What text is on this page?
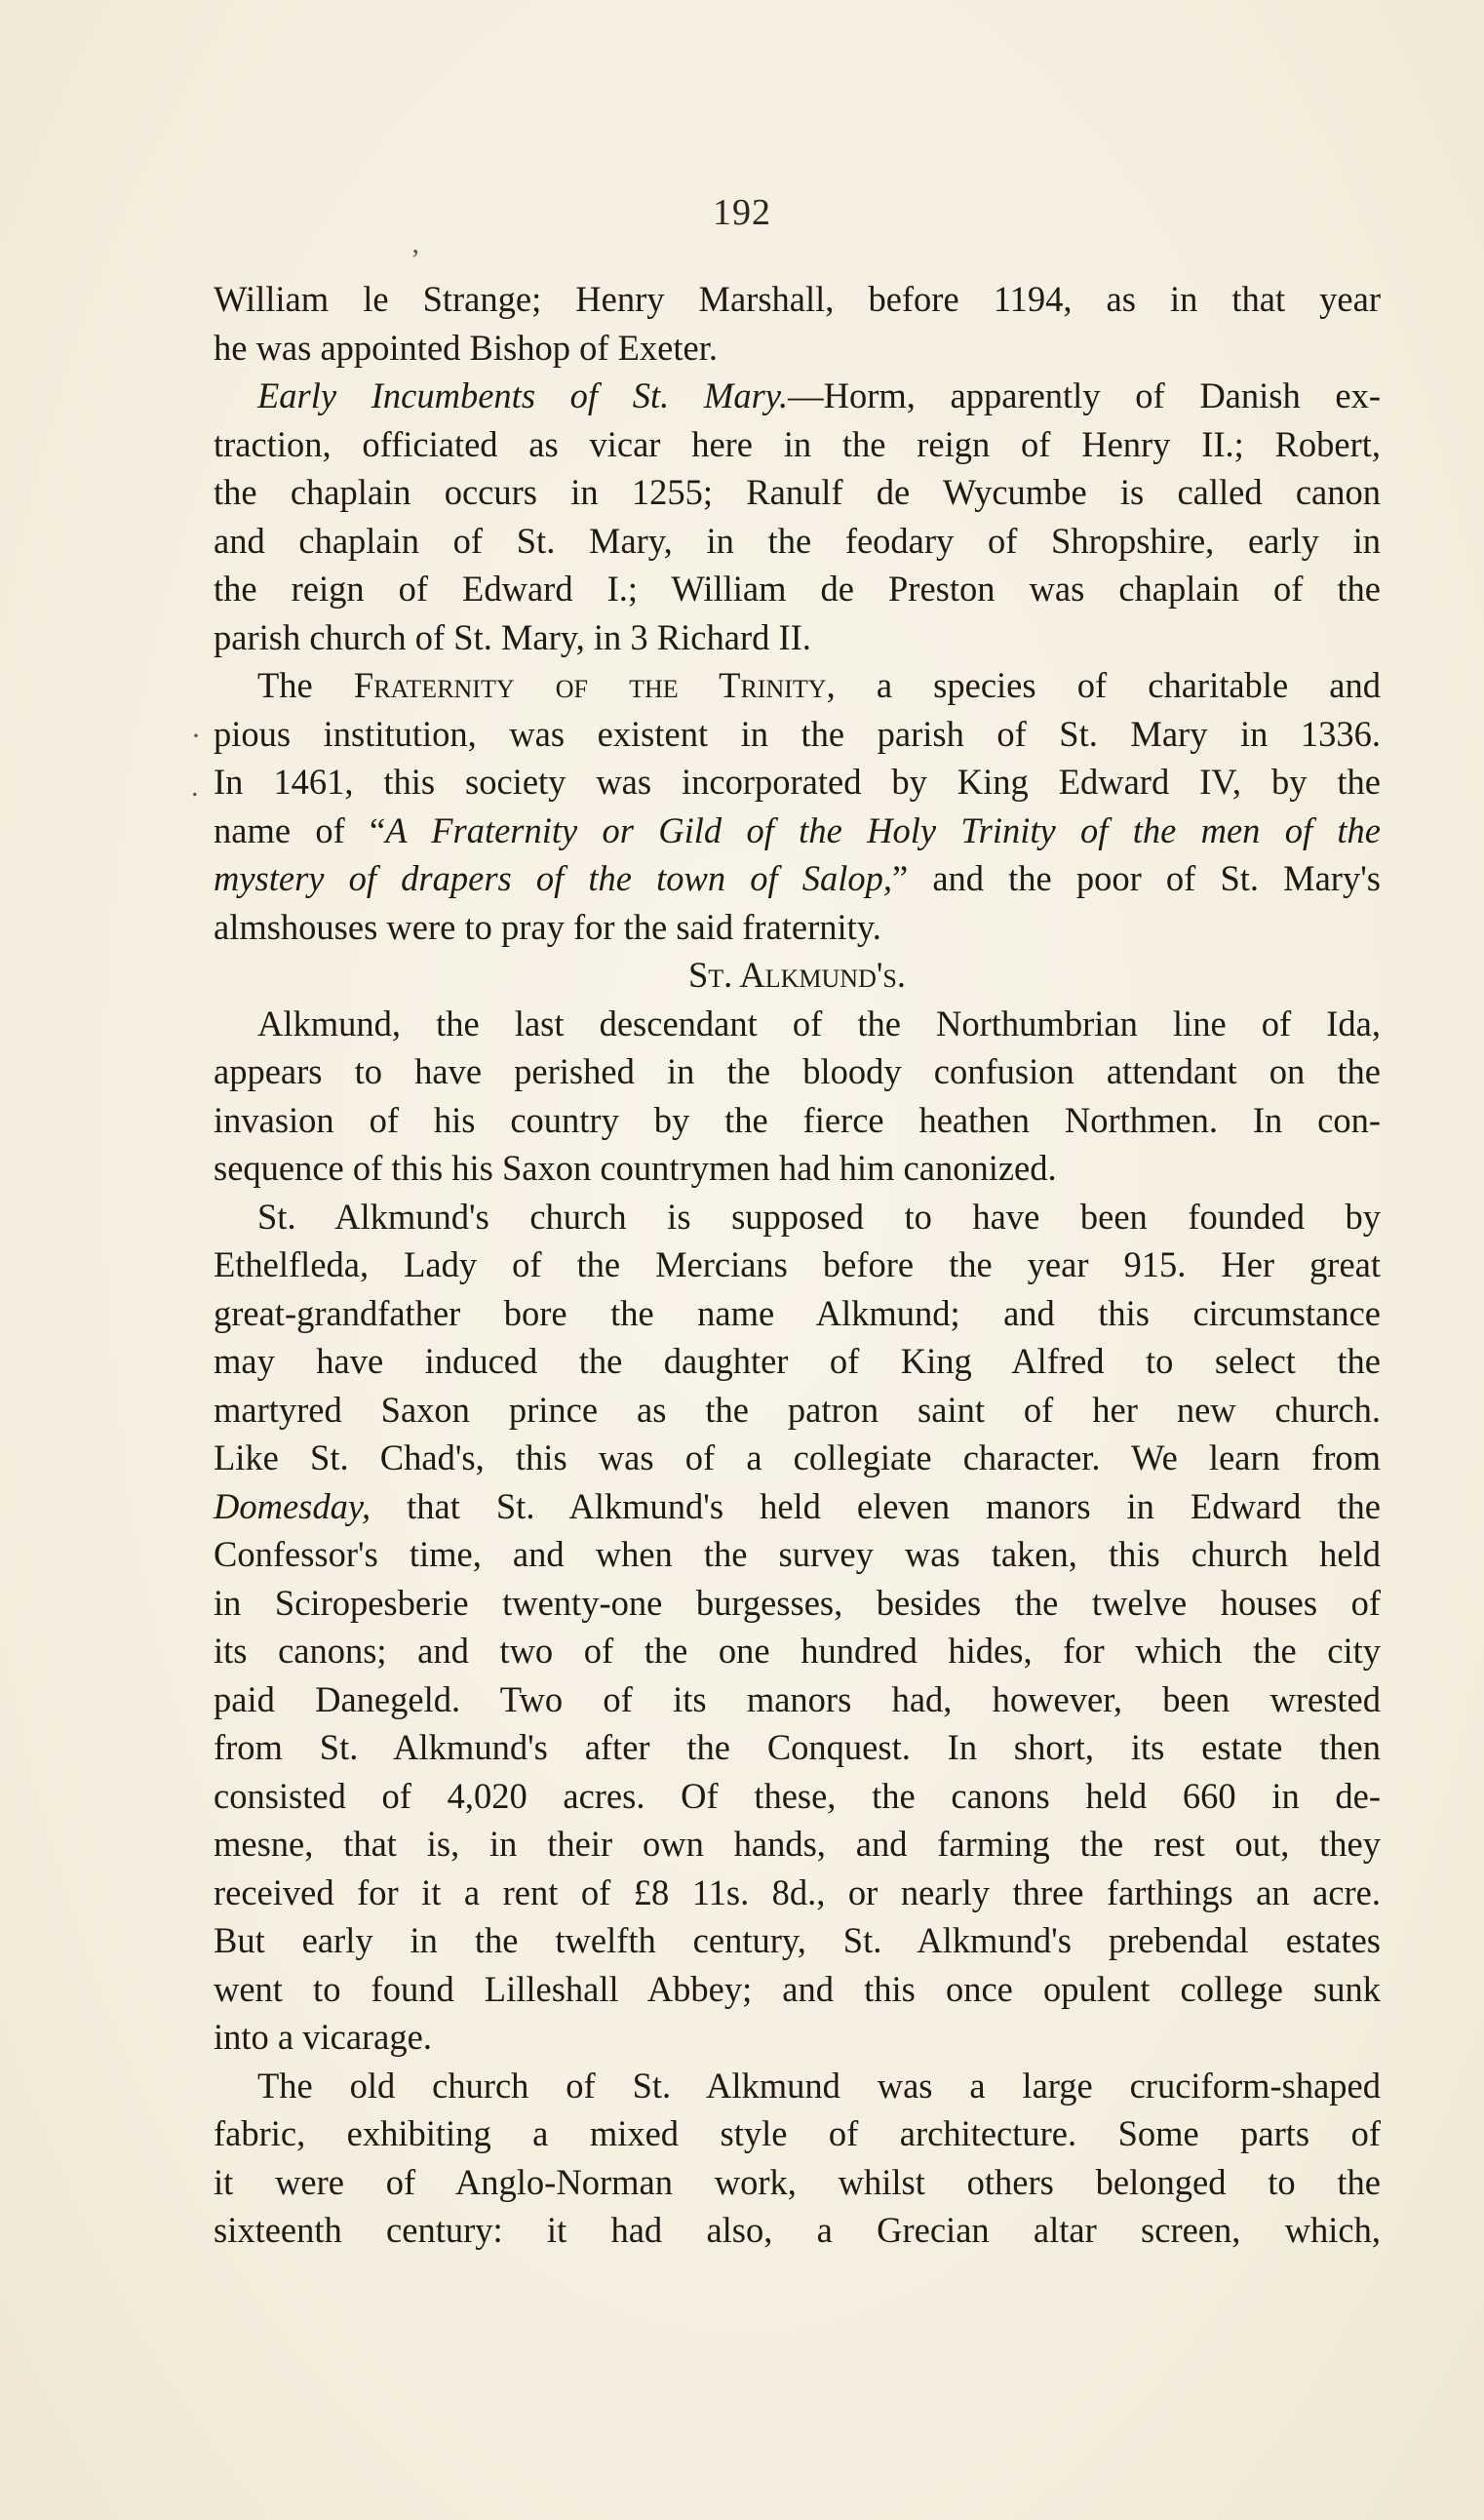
192
William le Strange; Henry Marshall, before 1194, as in that year
he was appointed Bishop of Exeter.
Early Incumbents of St. Mary.—Horm, apparently of Danish ex-
traction, officiated as vicar here in the reign of Henry II.; Robert,
the chaplain occurs in 1255; Ranulf de Wycumbe is called canon
and chaplain of St. Mary, in the feodary of Shropshire, early in
the reign of Edward I.; William de Preston was chaplain of the
parish church of St. Mary, in 3 Richard II.
The Fraternity of the Trinity, a species of charitable and
pious institution, was existent in the parish of St. Mary in 1336.
In 1461, this society was incorporated by King Edward IV, by the
name of “A Fraternity or Gild of the Holy Trinity of the men of the
mystery of drapers of the town of Salop,” and the poor of St. Mary's
almshouses were to pray for the said fraternity.
St. Alkmund's.
Alkmund, the last descendant of the Northumbrian line of Ida,
appears to have perished in the bloody confusion attendant on the
invasion of his country by the fierce heathen Northmen. In con-
sequence of this his Saxon countrymen had him canonized.
St. Alkmund's church is supposed to have been founded by
Ethelfleda, Lady of the Mercians before the year 915. Her great
great-grandfather bore the name Alkmund; and this circumstance
may have induced the daughter of King Alfred to select the
martyred Saxon prince as the patron saint of her new church.
Like St. Chad's, this was of a collegiate character. We learn from
Domesday, that St. Alkmund's held eleven manors in Edward the
Confessor's time, and when the survey was taken, this church held
in Sciropesberie twenty-one burgesses, besides the twelve houses of
its canons; and two of the one hundred hides, for which the city
paid Danegeld. Two of its manors had, however, been wrested
from St. Alkmund's after the Conquest. In short, its estate then
consisted of 4,020 acres. Of these, the canons held 660 in de-
mesne, that is, in their own hands, and farming the rest out, they
received for it a rent of £8 11s. 8d., or nearly three farthings an acre.
But early in the twelfth century, St. Alkmund's prebendal estates
went to found Lilleshall Abbey; and this once opulent college sunk
into a vicarage.
The old church of St. Alkmund was a large cruciform-shaped
fabric, exhibiting a mixed style of architecture. Some parts of
it were of Anglo-Norman work, whilst others belonged to the
sixteenth century: it had also, a Grecian altar screen, which,
ʼ
·
.
